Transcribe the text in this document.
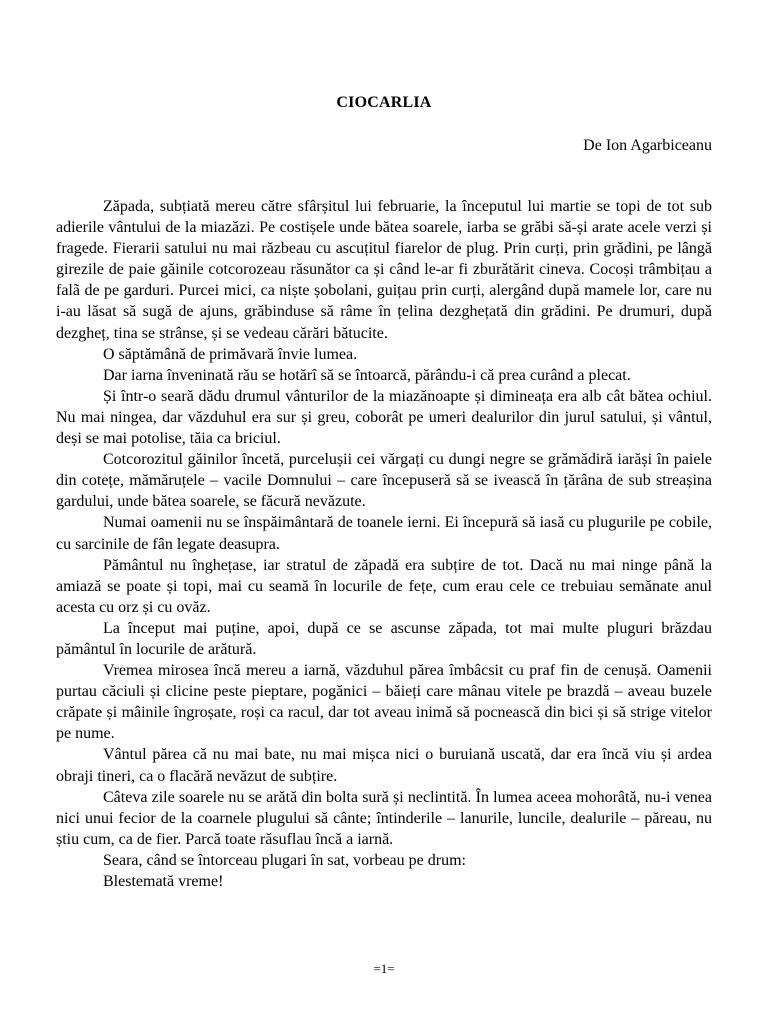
CIOCARLIA
De Ion Agarbiceanu

Zăpada, subțiată mereu către sfârșitul lui februarie, la începutul lui martie se topi de tot sub adierile vântului de la miazăzi. Pe costișele unde bătea soarele, iarba se grăbi să-și arate acele verzi și fragede. Fierarii satului nu mai răzbeau cu ascuțitul fiarelor de plug. Prin curți, prin grădini, pe lângă girezile de paie găinile cotcorozeau răsunător ca și când le-ar fi zburătărit cineva. Cocoși trâmbițau a falã de pe garduri. Purcei mici, ca niște șobolani, guițau prin curți, alergând după mamele lor, care nu i-au lăsat să sugă de ajuns, grăbinduse să râme în țelina dezghețată din grădini. Pe drumuri, după dezgheț, tina se strânse, și se vedeau cărări bătucite.

O săptămână de primăvară învie lumea.

Dar iarna înveninată rău se hotărî să se întoarcă, părându-i că prea curând a plecat.

Și într-o seară dădu drumul vânturilor de la miazănoapte și dimineața era alb cât bătea ochiul. Nu mai ningea, dar văzduhul era sur și greu, coborât pe umeri dealurilor din jurul satului, și vântul, deși se mai potolise, tăia ca briciul.

Cotcorozitul găinilor încetă, purcelușii cei vărgați cu dungi negre se grămădiră iarăși în paiele din cotețe, mămăruțele – vacile Domnului – care începuseră să se ivească în țărâna de sub streașina gardului, unde bătea soarele, se făcură nevăzute.

Numai oamenii nu se înspăimântară de toanele ierni. Ei începură să iasă cu plugurile pe cobile, cu sarcinile de fân legate deasupra.

Pământul nu înghețase, iar stratul de zăpadă era subțire de tot. Dacă nu mai ninge până la amiază se poate și topi, mai cu seamă în locurile de fețe, cum erau cele ce trebuiau semănate anul acesta cu orz și cu ovăz.

La început mai puține, apoi, după ce se ascunse zăpada, tot mai multe pluguri brăzdau pământul în locurile de arătură.

Vremea mirosea încă mereu a iarnă, văzduhul părea îmbâcsit cu praf fin de cenușă. Oamenii purtau căciuli și clicine peste pieptare, pogănici – băieți care mânau vitele pe brazdă – aveau buzele crăpate și mâinile îngroșate, roși ca racul, dar tot aveau inimă să pocnească din bici și să strige vitelor pe nume.

Vântul părea că nu mai bate, nu mai mișca nici o buruiană uscată, dar era încă viu și ardea obraji tineri, ca o flacără nevăzut de subțire.

Câteva zile soarele nu se arătă din bolta sură și neclintită. În lumea aceea mohorâtă, nu-i venea nici unui fecior de la coarnele plugului să cânte; întinderile – lanurile, luncile, dealurile – păreau, nu știu cum, ca de fier. Parcă toate răsuflau încă a iarnă.

Seara, când se întorceau plugari în sat, vorbeau pe drum:

Blestemată vreme!

=1=
